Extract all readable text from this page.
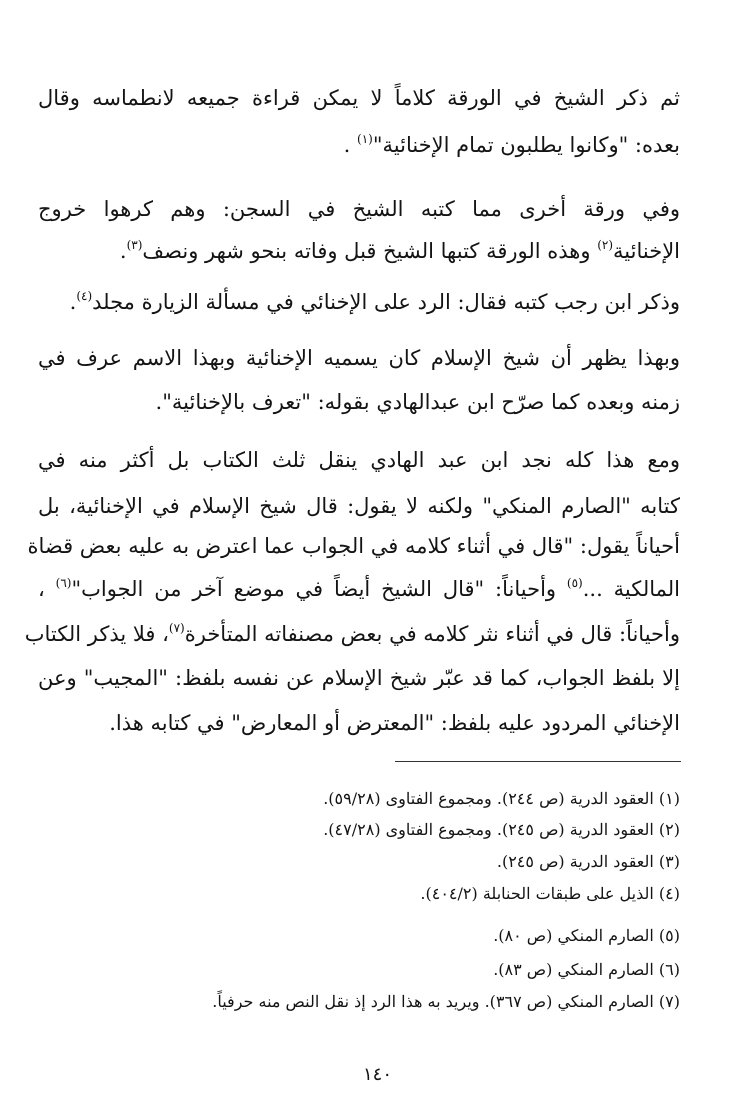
ثم ذكر الشيخ في الورقة كلاماً لا يمكن قراءة جميعه لانطماسه وقال
بعده: "وكانوا يطلبون تمام الإخنائية"$^{(١)}$ .
وفي ورقة أخرى مما كتبه الشيخ في السجن: وهم كرهوا خروج
الإخنائية$^{(٢)}$ وهذه الورقة كتبها الشيخ قبل وفاته بنحو شهر ونصف$^{(٣)}$.
وذكر ابن رجب كتبه فقال: الرد على الإخنائي في مسألة الزيارة مجلد$^{(٤)}$.
وبهذا يظهر أن شيخ الإسلام كان يسميه الإخنائية وبهذا الاسم عرف في
زمنه وبعده كما صرّح ابن عبدالهادي بقوله: "تعرف بالإخنائية".
ومع هذا كله نجد ابن عبد الهادي ينقل ثلث الكتاب بل أكثر منه في
كتابه "الصارم المنكي" ولكنه لا يقول: قال شيخ الإسلام في الإخنائية، بل
أحياناً يقول: "قال في أثناء كلامه في الجواب عما اعترض به عليه بعض قضاة
المالكية ...$^{(٥)}$ وأحياناً: "قال الشيخ أيضاً في موضع آخر من الجواب"$^{(٦)}$ ،
وأحياناً: قال في أثناء نثر كلامه في بعض مصنفاته المتأخرة$^{(٧)}$، فلا يذكر الكتاب
إلا بلفظ الجواب، كما قد عبّر شيخ الإسلام عن نفسه بلفظ: "المجيب" وعن
الإخنائي المردود عليه بلفظ: "المعترض أو المعارض" في كتابه هذا.
(١) العقود الدرية (ص ٢٤٤). ومجموع الفتاوى (٥٩/٢٨).
(٢) العقود الدرية (ص ٢٤٥). ومجموع الفتاوى (٤٧/٢٨).
(٣) العقود الدرية (ص ٢٤٥).
(٤) الذيل على طبقات الحنابلة (٤٠٤/٢).
(٥) الصارم المنكي (ص ٨٠).
(٦) الصارم المنكي (ص ٨٣).
(٧) الصارم المنكي (ص ٣٦٧). ويريد به هذا الرد إذ نقل النص منه حرفياً.
١٤٠
